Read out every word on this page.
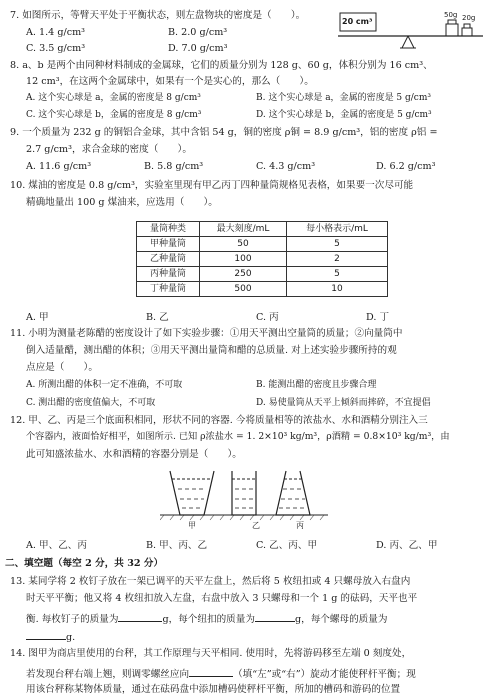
7. 如图所示，等臂天平处于平衡状态，则左盘物块的密度是（　　）。
A. 1.4 g/cm³	B. 2.0 g/cm³
C. 3.5 g/cm³	D. 7.0 g/cm³
20 cm³
50g 20g
8. a、b 是两个由同种材料制成的金属球，它们的质量分别为 128 g、60 g，体积分别为 16 cm³、
12 cm³，在这两个金属球中，如果有一个是实心的，那么（　　）。
A. 这个实心球是 a，金属的密度是 8 g/cm³	B. 这个实心球是 a，金属的密度是 5 g/cm³
C. 这个实心球是 b，金属的密度是 8 g/cm³	D. 这个实心球是 b，金属的密度是 5 g/cm³
9. 一个质量为 232 g 的铜铝合金球，其中含铝 54 g，铜的密度 ρ铜 = 8.9 g/cm³，铝的密度 ρ铝 =
2.7 g/cm³，求合金球的密度（　　）。
A. 11.6 g/cm³	B. 5.8 g/cm³	C. 4.3 g/cm³	D. 6.2 g/cm³
10. 煤油的密度是 0.8 g/cm³，实验室里现有甲乙丙丁四种量筒规格见表格，如果要一次尽可能
精确地量出 100 g 煤油来，应选用（　　）。
量筒种类	最大刻度/mL	每小格表示/mL
甲种量筒	50	5
乙种量筒	100	2
丙种量筒	250	5
丁种量筒	500	10
A. 甲	B. 乙	C. 丙	D. 丁
11. 小明为测量老陈醋的密度设计了如下实验步骤：①用天平测出空量筒的质量；②向量筒中
倒入适量醋，测出醋的体积；③用天平测出量筒和醋的总质量. 对上述实验步骤所持的观
点应是（　　）。
A. 所测出醋的体积一定不准确，不可取	B. 能测出醋的密度且步骤合理
C. 测出醋的密度值偏大，不可取	D. 易使量筒从天平上倾斜而摔碎，不宜提倡
12. 甲、乙、丙是三个底面积相同，形状不同的容器. 今将质量相等的浓盐水、水和酒精分别注入三
个容器内，液面恰好相平，如图所示. 已知 ρ浓盐水 = 1. 2×10³ kg/m³，ρ酒精 = 0.8×10³ kg/m³，由
此可知盛浓盐水、水和酒精的容器分别是（　　）。
甲	乙	丙
A. 甲、乙、丙	B. 甲、丙、乙	C. 乙、丙、甲	D. 丙、乙、甲
二、填空题（每空 2 分，共 32 分）
13. 某同学将 2 枚钉子放在一架已调平的天平左盘上，然后将 5 枚纽扣或 4 只螺母放入右盘内
时天平平衡；他又将 4 枚纽扣放入左盘，右盘中放入 3 只螺母和一个 1 g 的砝码，天平也平
衡. 每枚钉子的质量为	g，每个纽扣的质量为	g，每个螺母的质量为
g.
14. 图甲为商店里使用的台秤，其工作原理与天平相同. 使用时，先将游码移至左端 0 刻度处，
若发现台秤右端上翘，则调零螺丝应向	（填“左”或“右”）旋动才能使秤杆平衡；现
用该台秤称某物体质量，通过在砝码盘中添加槽码使秤杆平衡，所加的槽码和游码的位置
